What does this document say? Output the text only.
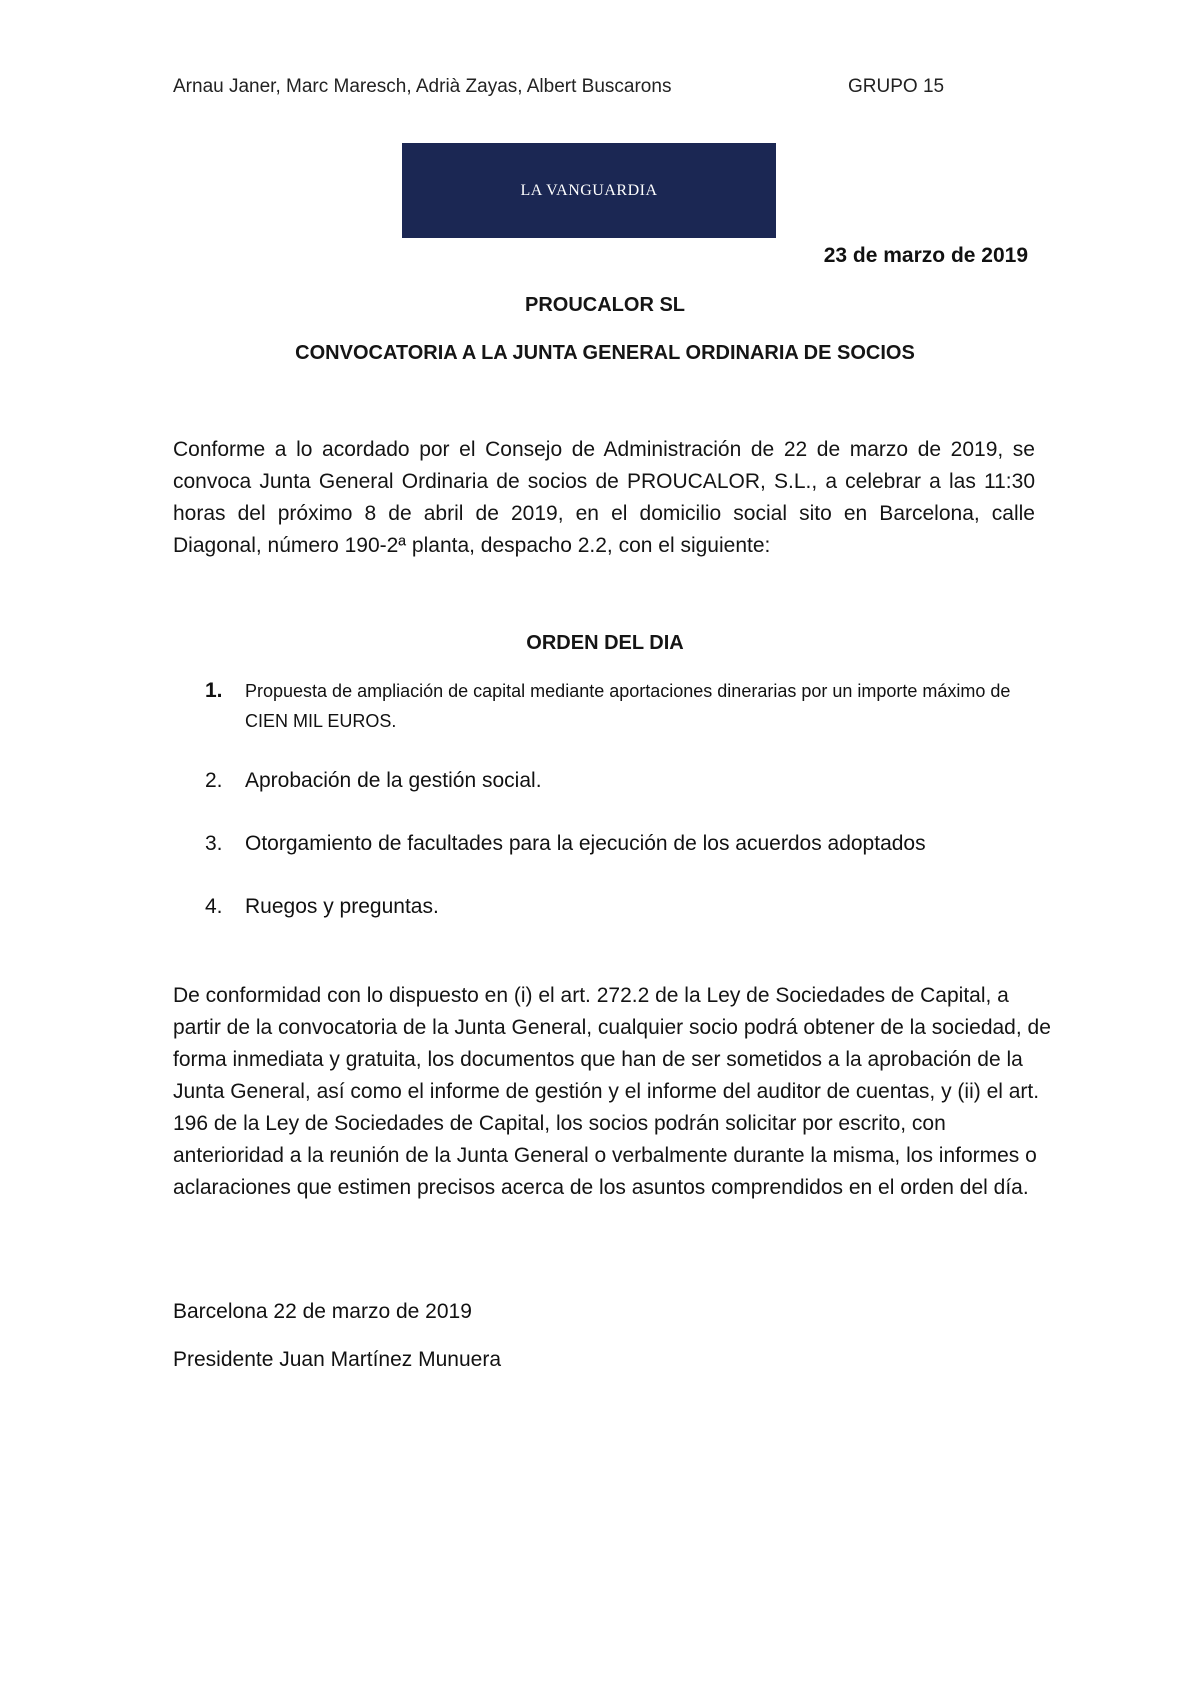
Arnau Janer, Marc Maresch, Adrià Zayas, Albert Buscarons	GRUPO 15
LA VANGUARDIA
23 de marzo de 2019
PROUCALOR SL
CONVOCATORIA A LA JUNTA GENERAL ORDINARIA DE SOCIOS
Conforme a lo acordado por el Consejo de Administración de 22 de marzo de 2019, se convoca Junta General Ordinaria de socios de PROUCALOR, S.L., a celebrar a las 11:30 horas del próximo 8 de abril de 2019, en el domicilio social sito en Barcelona, calle Diagonal, número 190-2ª planta, despacho 2.2, con el siguiente:
ORDEN DEL DIA
1.	Propuesta de ampliación de capital mediante aportaciones dinerarias por un importe máximo de CIEN MIL EUROS.
2.	Aprobación de la gestión social.
3.	Otorgamiento de facultades para la ejecución de los acuerdos adoptados
4.	Ruegos y preguntas.
De conformidad con lo dispuesto en (i) el art. 272.2 de la Ley de Sociedades de Capital, a partir de la convocatoria de la Junta General, cualquier socio podrá obtener de la sociedad, de forma inmediata y gratuita, los documentos que han de ser sometidos a la aprobación de la Junta General, así como el informe de gestión y el informe del auditor de cuentas, y (ii) el art. 196 de la Ley de Sociedades de Capital, los socios podrán solicitar por escrito, con anterioridad a la reunión de la Junta General o verbalmente durante la misma, los informes o aclaraciones que estimen precisos acerca de los asuntos comprendidos en el orden del día.
Barcelona 22 de marzo de 2019
Presidente Juan Martínez Munuera
